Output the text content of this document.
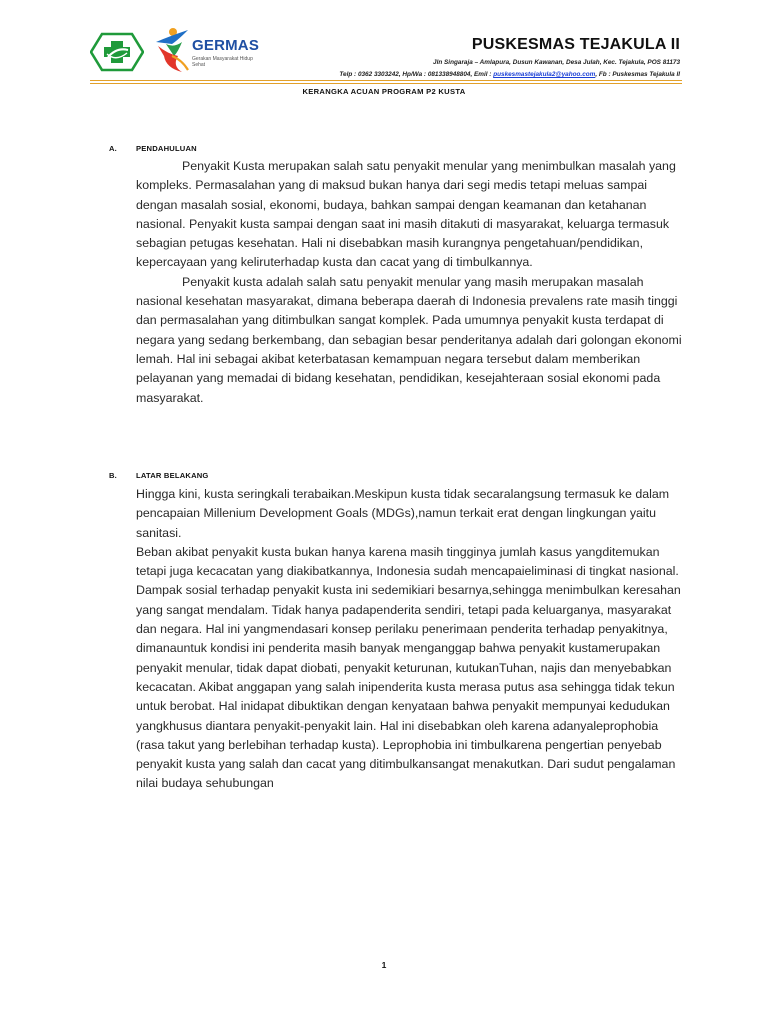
GERMAS
Gerakan Masyarakat Hidup Sehat
PUSKESMAS TEJAKULA II
Jln Singaraja – Amlapura, Dusun Kawanan, Desa Julah, Kec. Tejakula, POS 81173
Telp : 0362 3303242, Hp/Wa : 081338948804, Emil : puskesmastejakula2@yahoo.com, Fb : Puskesmas Tejakula II
KERANGKA ACUAN PROGRAM P2 KUSTA
A.	PENDAHULUAN

Penyakit Kusta merupakan salah satu penyakit menular yang menimbulkan masalah yang kompleks. Permasalahan yang di maksud bukan hanya dari segi medis tetapi meluas sampai dengan masalah sosial, ekonomi, budaya, bahkan sampai dengan keamanan dan ketahanan nasional. Penyakit kusta sampai dengan saat ini masih ditakuti di masyarakat, keluarga termasuk sebagian petugas kesehatan. Hali ni disebabkan masih kurangnya pengetahuan/pendidikan, kepercayaan yang keliruterhadap kusta dan cacat yang di timbulkannya.

Penyakit kusta adalah salah satu penyakit menular yang masih merupakan masalah nasional kesehatan masyarakat, dimana beberapa daerah di Indonesia prevalens rate masih tinggi dan permasalahan yang ditimbulkan sangat komplek. Pada umumnya penyakit kusta terdapat di negara yang sedang berkembang, dan sebagian besar penderitanya adalah dari golongan ekonomi lemah. Hal ini sebagai akibat keterbatasan kemampuan negara tersebut dalam memberikan pelayanan yang memadai di bidang kesehatan, pendidikan, kesejahteraan sosial ekonomi pada masyarakat.

B.	LATAR BELAKANG

Hingga kini, kusta seringkali terabaikan.Meskipun kusta tidak secaralangsung termasuk ke dalam pencapaian Millenium Development Goals (MDGs),namun terkait erat dengan lingkungan yaitu sanitasi.

Beban akibat penyakit kusta bukan hanya karena masih tingginya jumlah kasus yangditemukan tetapi juga kecacatan yang diakibatkannya, Indonesia sudah mencapaieliminasi di tingkat nasional.

Dampak sosial terhadap penyakit kusta ini sedemikiari besarnya,sehingga menimbulkan keresahan yang sangat mendalam. Tidak hanya padapenderita sendiri, tetapi pada keluarganya, masyarakat dan negara. Hal ini yangmendasari konsep perilaku penerimaan penderita terhadap penyakitnya, dimanauntuk kondisi ini penderita masih banyak menganggap bahwa penyakit kustamerupakan penyakit menular, tidak dapat diobati, penyakit keturunan, kutukanTuhan, najis dan menyebabkan kecacatan. Akibat anggapan yang salah inipenderita kusta merasa putus asa sehingga tidak tekun untuk berobat. Hal inidapat dibuktikan dengan kenyataan bahwa penyakit mempunyai kedudukan yangkhusus diantara penyakit-penyakit lain. Hal ini disebabkan oleh karena adanyaleprophobia (rasa takut yang berlebihan terhadap kusta). Leprophobia ini timbulkarena pengertian penyebab penyakit kusta yang salah dan cacat yang ditimbulkansangat menakutkan. Dari sudut pengalaman nilai budaya sehubungan

1
